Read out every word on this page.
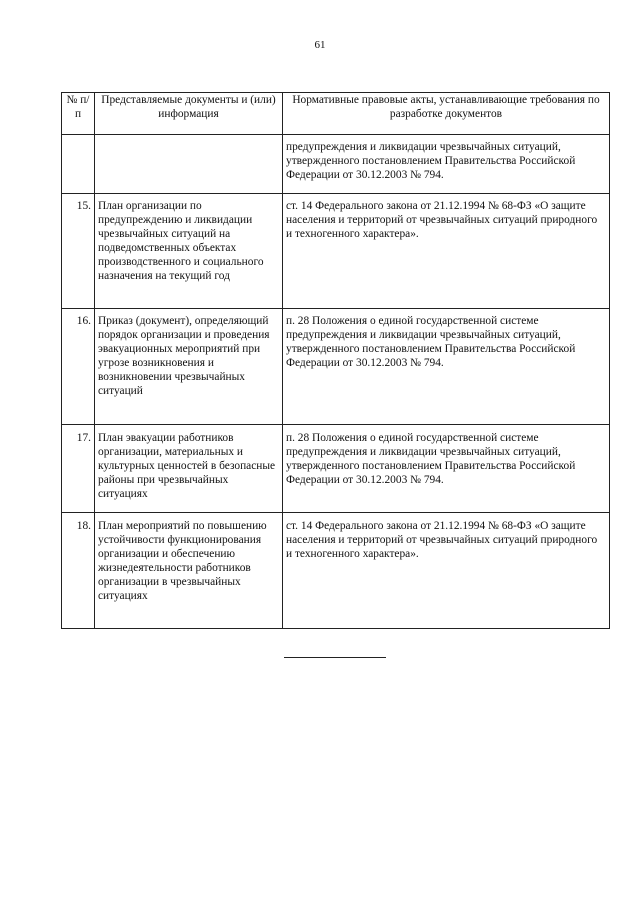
61
№ п/п	Представляемые документы и (или) информация	Нормативные правовые акты, устанавливающие требования по разработке документов
		предупреждения и ликвидации чрезвычайных ситуаций, утвержденного постановлением Правительства Российской Федерации от 30.12.2003 № 794.
15.	План организации по предупреждению и ликвидации чрезвычайных ситуаций на подведомственных объектах производственного и социального назначения на текущий год	ст. 14 Федерального закона от 21.12.1994 № 68-ФЗ «О защите населения и территорий от чрезвычайных ситуаций природного и техногенного характера».
16.	Приказ (документ), определяющий порядок организации и проведения эвакуационных мероприятий при угрозе возникновения и возникновении чрезвычайных ситуаций	п. 28 Положения о единой государственной системе предупреждения и ликвидации чрезвычайных ситуаций, утвержденного постановлением Правительства Российской Федерации от 30.12.2003 № 794.
17.	План эвакуации работников организации, материальных и культурных ценностей в безопасные районы при чрезвычайных ситуациях	п. 28 Положения о единой государственной системе предупреждения и ликвидации чрезвычайных ситуаций, утвержденного постановлением Правительства Российской Федерации от 30.12.2003 № 794.
18.	План мероприятий по повышению устойчивости функционирования организации и обеспечению жизнедеятельности работников организации в чрезвычайных ситуациях	ст. 14 Федерального закона от 21.12.1994 № 68-ФЗ «О защите населения и территорий от чрезвычайных ситуаций природного и техногенного характера».
